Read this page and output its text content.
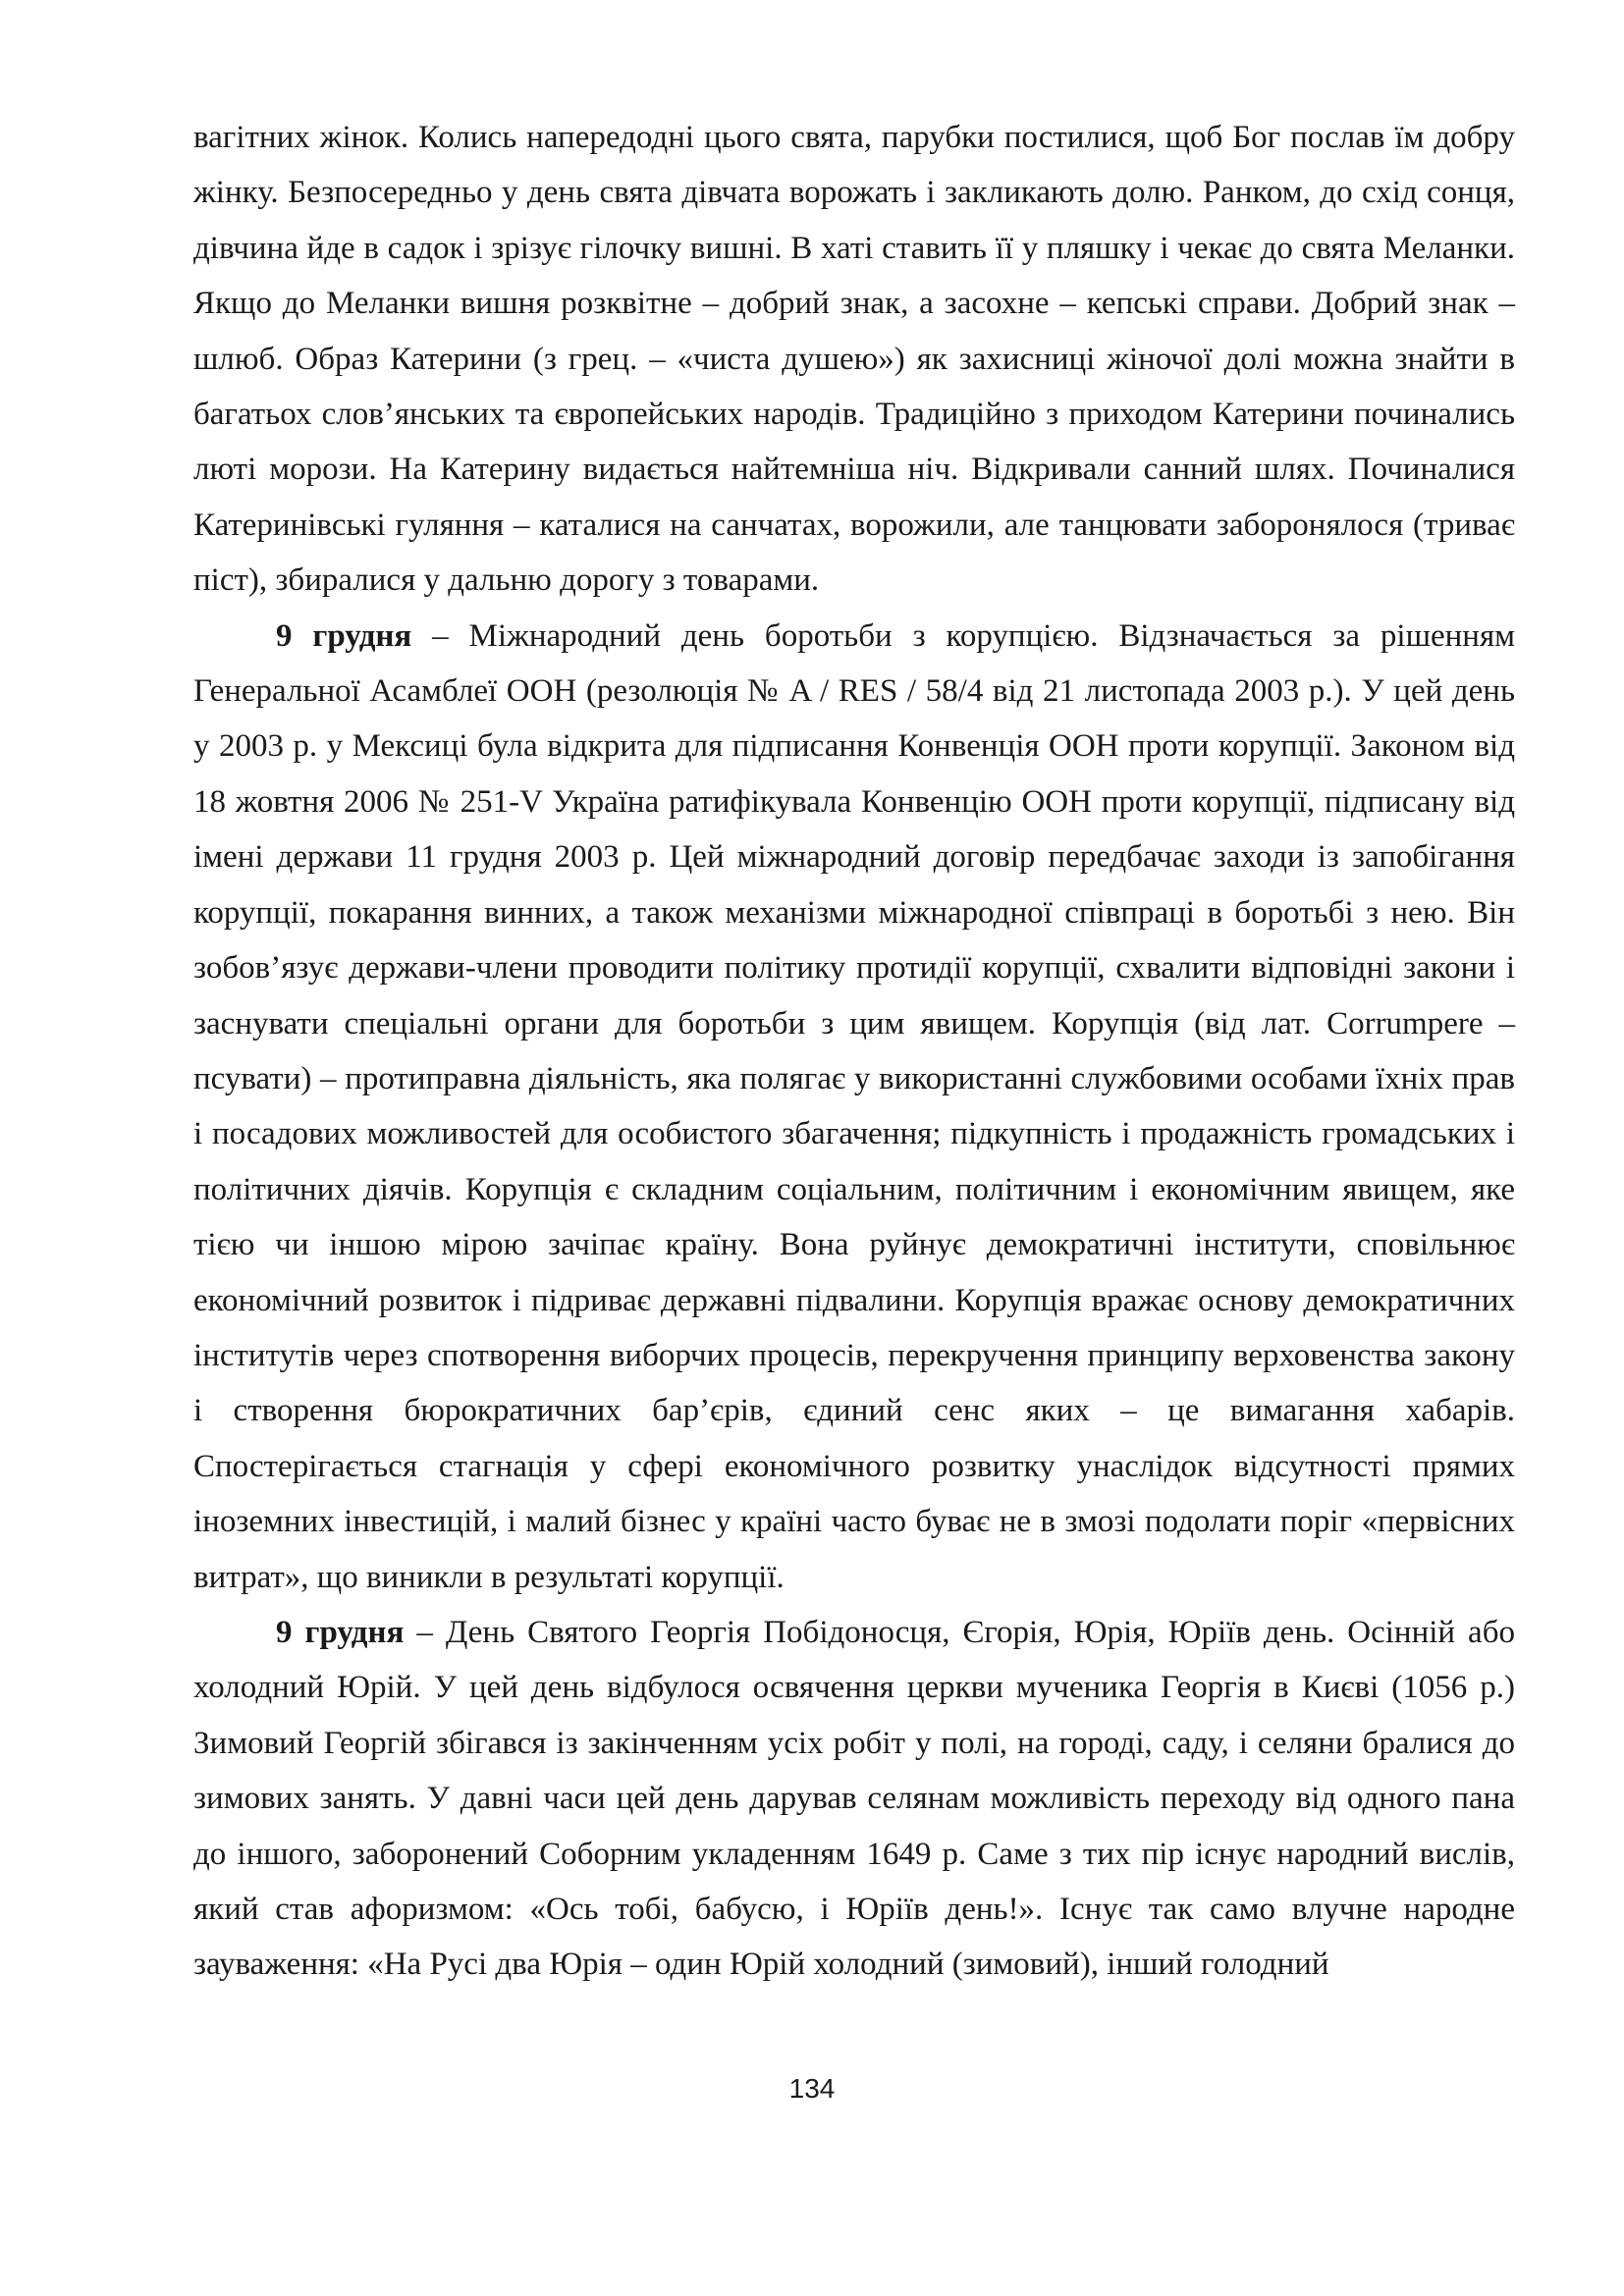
вагітних жінок. Колись напередодні цього свята, парубки постилися, щоб Бог послав їм добру жінку. Безпосередньо у день свята дівчата ворожать і закликають долю. Ранком, до схід сонця, дівчина йде в садок і зрізує гілочку вишні. В хаті ставить її у пляшку і чекає до свята Меланки. Якщо до Меланки вишня розквітне – добрий знак, а засохне – кепські справи. Добрий знак – шлюб. Образ Катерини (з грец. – «чиста душею») як захисниці жіночої долі можна знайти в багатьох слов’янських та європейських народів. Традиційно з приходом Катерини починались люті морози. На Катерину видається найтемніша ніч. Відкривали санний шлях. Починалися Катеринівські гуляння – каталися на санчатах, ворожили, але танцювати заборонялося (триває піст), збиралися у дальню дорогу з товарами.

9 грудня – Міжнародний день боротьби з корупцією. Відзначається за рішенням Генеральної Асамблеї ООН (резолюція № A / RES / 58/4 від 21 листопада 2003 р.). У цей день у 2003 р. у Мексиці була відкрита для підписання Конвенція ООН проти корупції. Законом від 18 жовтня 2006 № 251-V Україна ратифікувала Конвенцію ООН проти корупції, підписану від імені держави 11 грудня 2003 р. Цей міжнародний договір передбачає заходи із запобігання корупції, покарання винних, а також механізми міжнародної співпраці в боротьбі з нею. Він зобов’язує держави-члени проводити політику протидії корупції, схвалити відповідні закони і заснувати спеціальні органи для боротьби з цим явищем. Корупція (від лат. Corrumpere – псувати) – протиправна діяльність, яка полягає у використанні службовими особами їхніх прав і посадових можливостей для особистого збагачення; підкупність і продажність громадських і політичних діячів. Корупція є складним соціальним, політичним і економічним явищем, яке тією чи іншою мірою зачіпає країну. Вона руйнує демократичні інститути, сповільнює економічний розвиток і підриває державні підвалини. Корупція вражає основу демократичних інститутів через спотворення виборчих процесів, перекручення принципу верховенства закону і створення бюрократичних бар’єрів, єдиний сенс яких – це вимагання хабарів. Спостерігається стагнація у сфері економічного розвитку унаслідок відсутності прямих іноземних інвестицій, і малий бізнес у країні часто буває не в змозі подолати поріг «первісних витрат», що виникли в результаті корупції.

9 грудня – День Святого Георгія Побідоносця, Єгорія, Юрія, Юріїв день. Осінній або холодний Юрій. У цей день відбулося освячення церкви мученика Георгія в Києві (1056 р.) Зимовий Георгій збігався із закінченням усіх робіт у полі, на городі, саду, і селяни бралися до зимових занять. У давні часи цей день дарував селянам можливість переходу від одного пана до іншого, заборонений Соборним укладенням 1649 р. Саме з тих пір існує народний вислів, який став афоризмом: «Ось тобі, бабусю, і Юріїв день!». Існує так само влучне народне зауваження: «На Русі два Юрія – один Юрій холодний (зимовий), інший голодний

134
